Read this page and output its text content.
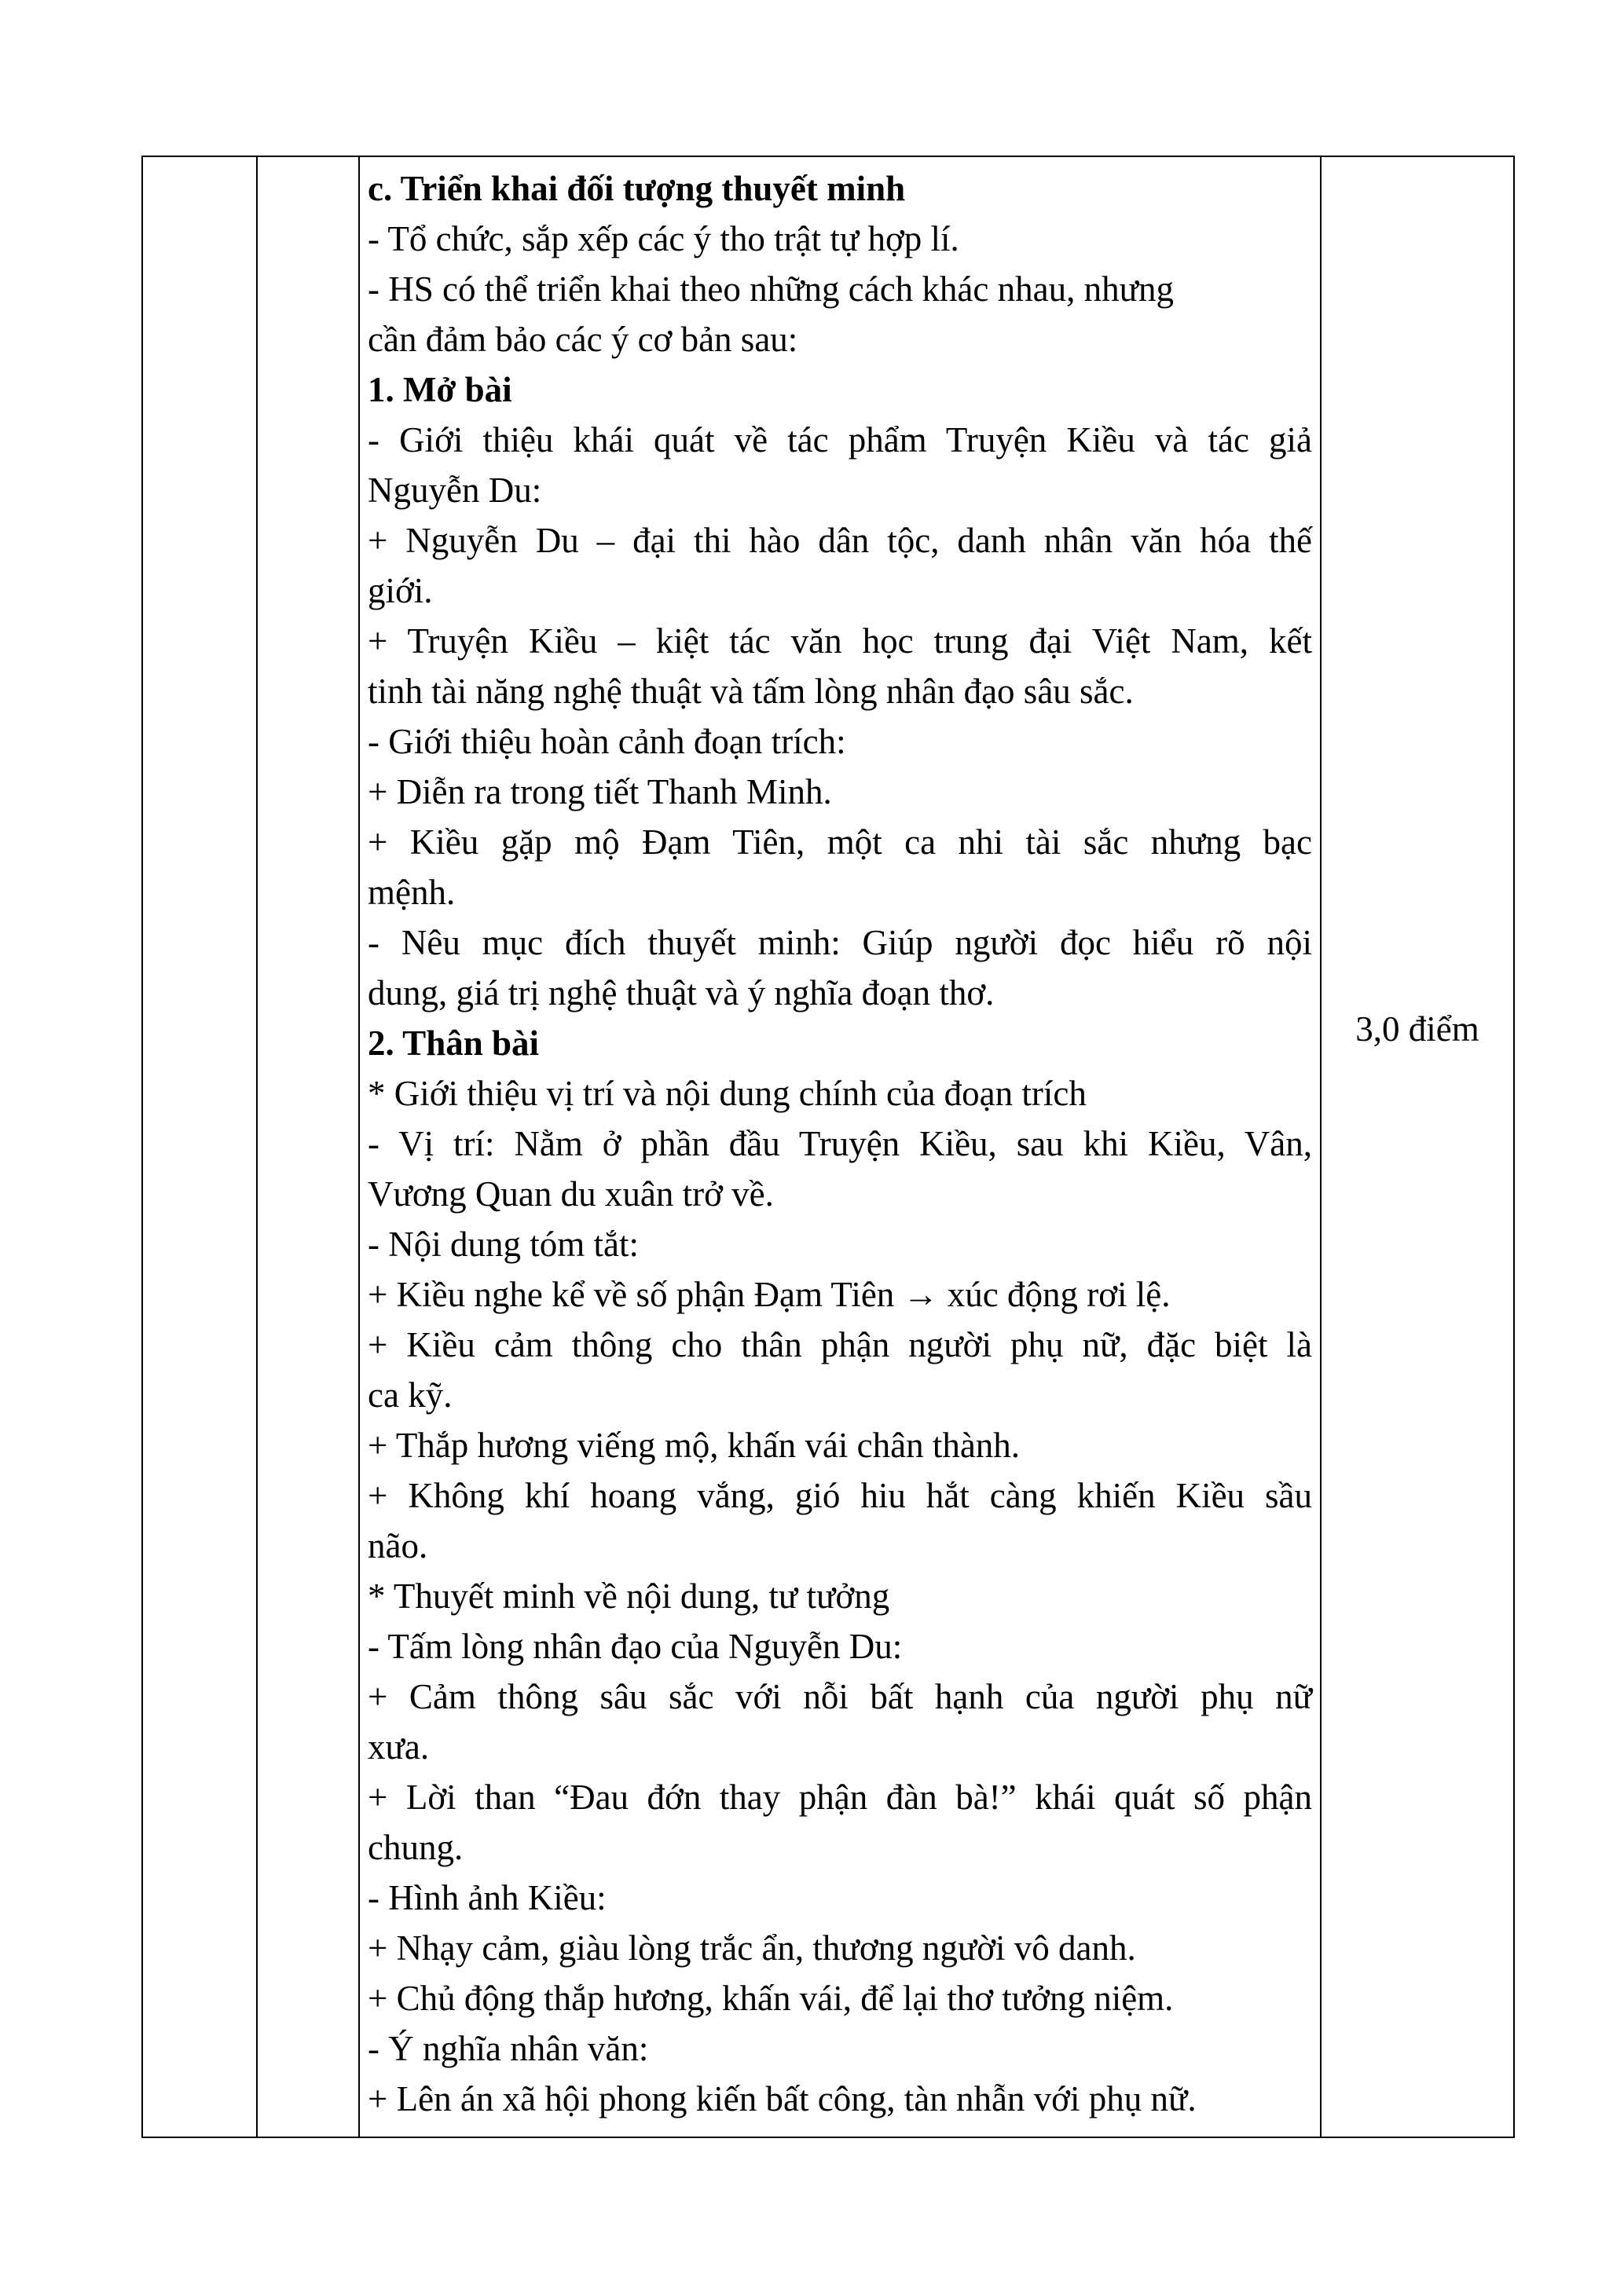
c. Triển khai đối tượng thuyết minh
- Tổ chức, sắp xếp các ý tho trật tự hợp lí.
- HS có thể triển khai theo những cách khác nhau, nhưng
cần đảm bảo các ý cơ bản sau:
1. Mở bài
- Giới thiệu khái quát về tác phẩm Truyện Kiều và tác giả
Nguyễn Du:
+ Nguyễn Du – đại thi hào dân tộc, danh nhân văn hóa thế
giới.
+ Truyện Kiều – kiệt tác văn học trung đại Việt Nam, kết
tinh tài năng nghệ thuật và tấm lòng nhân đạo sâu sắc.
- Giới thiệu hoàn cảnh đoạn trích:
+ Diễn ra trong tiết Thanh Minh.
+ Kiều gặp mộ Đạm Tiên, một ca nhi tài sắc nhưng bạc
mệnh.
- Nêu mục đích thuyết minh: Giúp người đọc hiểu rõ nội
dung, giá trị nghệ thuật và ý nghĩa đoạn thơ.
2. Thân bài
* Giới thiệu vị trí và nội dung chính của đoạn trích
- Vị trí: Nằm ở phần đầu Truyện Kiều, sau khi Kiều, Vân,
Vương Quan du xuân trở về.
- Nội dung tóm tắt:
+ Kiều nghe kể về số phận Đạm Tiên → xúc động rơi lệ.
+ Kiều cảm thông cho thân phận người phụ nữ, đặc biệt là
ca kỹ.
+ Thắp hương viếng mộ, khấn vái chân thành.
+ Không khí hoang vắng, gió hiu hắt càng khiến Kiều sầu
não.
* Thuyết minh về nội dung, tư tưởng
- Tấm lòng nhân đạo của Nguyễn Du:
+ Cảm thông sâu sắc với nỗi bất hạnh của người phụ nữ
xưa.
+ Lời than “Đau đớn thay phận đàn bà!” khái quát số phận
chung.
- Hình ảnh Kiều:
+ Nhạy cảm, giàu lòng trắc ẩn, thương người vô danh.
+ Chủ động thắp hương, khấn vái, để lại thơ tưởng niệm.
- Ý nghĩa nhân văn:
+ Lên án xã hội phong kiến bất công, tàn nhẫn với phụ nữ.
	3,0 điểm
